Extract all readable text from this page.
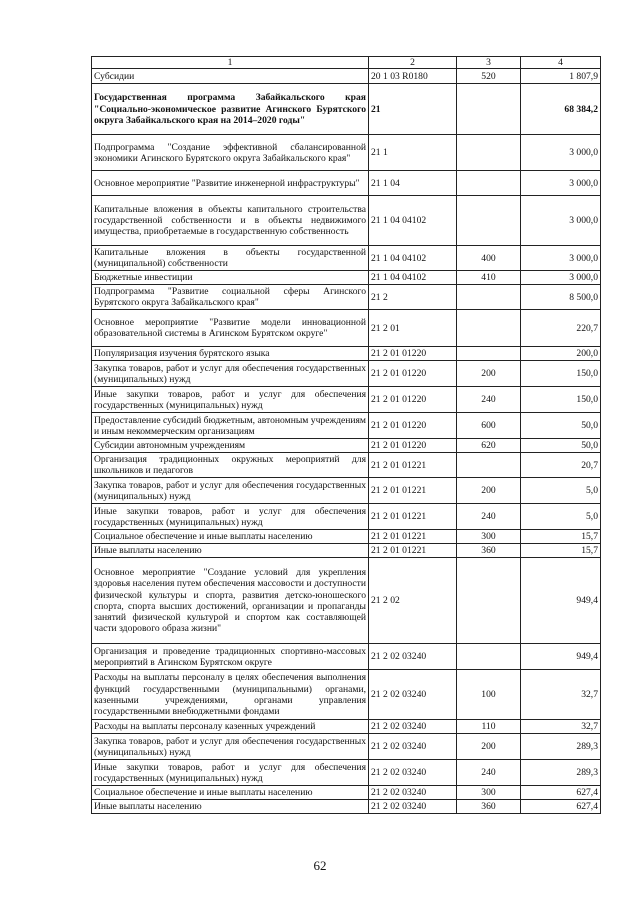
1	2	3	4
Субсидии	20 1 03 R0180	520	1 807,9
Государственная программа Забайкальского края "Социально-экономическое развитие Агинского Бурятского округа Забайкальского края на 2014–2020 годы"	21		68 384,2
Подпрограмма "Создание эффективной сбалансированной экономики Агинского Бурятского округа Забайкальского края"	21 1		3 000,0
Основное мероприятие "Развитие инженерной инфраструктуры"	21 1 04		3 000,0
Капитальные вложения в объекты капитального строительства государственной собственности и в объекты недвижимого имущества, приобретаемые в государственную собственность	21 1 04 04102		3 000,0
Капитальные вложения в объекты государственной (муниципальной) собственности	21 1 04 04102	400	3 000,0
Бюджетные инвестиции	21 1 04 04102	410	3 000,0
Подпрограмма "Развитие социальной сферы Агинского Бурятского округа Забайкальского края"	21 2		8 500,0
Основное мероприятие "Развитие модели инновационной образовательной системы в Агинском Бурятском округе"	21 2 01		220,7
Популяризация изучения бурятского языка	21 2 01 01220		200,0
Закупка товаров, работ и услуг для обеспечения государственных (муниципальных) нужд	21 2 01 01220	200	150,0
Иные закупки товаров, работ и услуг для обеспечения государственных (муниципальных) нужд	21 2 01 01220	240	150,0
Предоставление субсидий бюджетным, автономным учреждениям и иным некоммерческим организациям	21 2 01 01220	600	50,0
Субсидии автономным учреждениям	21 2 01 01220	620	50,0
Организация традиционных окружных мероприятий для школьников и педагогов	21 2 01 01221		20,7
Закупка товаров, работ и услуг для обеспечения государственных (муниципальных) нужд	21 2 01 01221	200	5,0
Иные закупки товаров, работ и услуг для обеспечения государственных (муниципальных) нужд	21 2 01 01221	240	5,0
Социальное обеспечение и иные выплаты населению	21 2 01 01221	300	15,7
Иные выплаты населению	21 2 01 01221	360	15,7
Основное мероприятие "Создание условий для укрепления здоровья населения путем обеспечения массовости и доступности физической культуры и спорта, развития детско-юношеского спорта, спорта высших достижений, организации и пропаганды занятий физической культурой и спортом как составляющей части здорового образа жизни"	21 2 02		949,4
Организация и проведение традиционных спортивно-массовых мероприятий в Агинском Бурятском округе	21 2 02 03240		949,4
Расходы на выплаты персоналу в целях обеспечения выполнения функций государственными (муниципальными) органами, казенными учреждениями, органами управления государственными внебюджетными фондами	21 2 02 03240	100	32,7
Расходы на выплаты персоналу казенных учреждений	21 2 02 03240	110	32,7
Закупка товаров, работ и услуг для обеспечения государственных (муниципальных) нужд	21 2 02 03240	200	289,3
Иные закупки товаров, работ и услуг для обеспечения государственных (муниципальных) нужд	21 2 02 03240	240	289,3
Социальное обеспечение и иные выплаты населению	21 2 02 03240	300	627,4
Иные выплаты населению	21 2 02 03240	360	627,4
62
